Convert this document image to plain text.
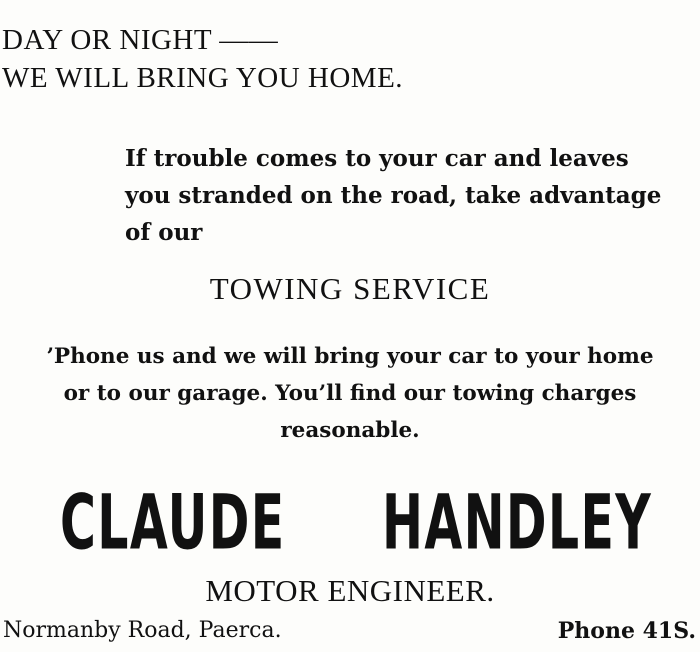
DAY OR NIGHT ——
WE WILL BRING YOU HOME.
If trouble comes to your car and leaves
you stranded on the road, take advantage
of our
TOWING SERVICE
’Phone us and we will bring your car to your home
or to our garage. You’ll find our towing charges
reasonable.
CLAUDE HANDLEY
MOTOR ENGINEER.
Normanby Road, Paerca.	Phone 41S.
